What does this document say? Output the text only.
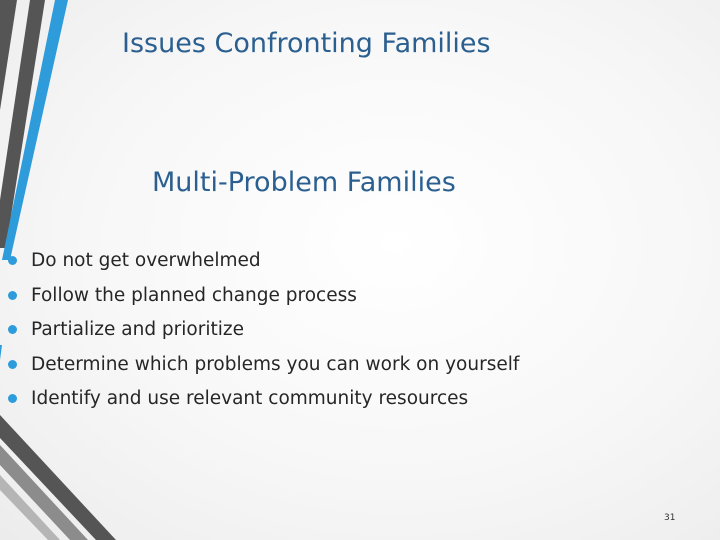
Issues Confronting Families
Multi-Problem Families
Do not get overwhelmed
Follow the planned change process
Partialize and prioritize
Determine which problems you can work on yourself
Identify and use relevant community resources
31
